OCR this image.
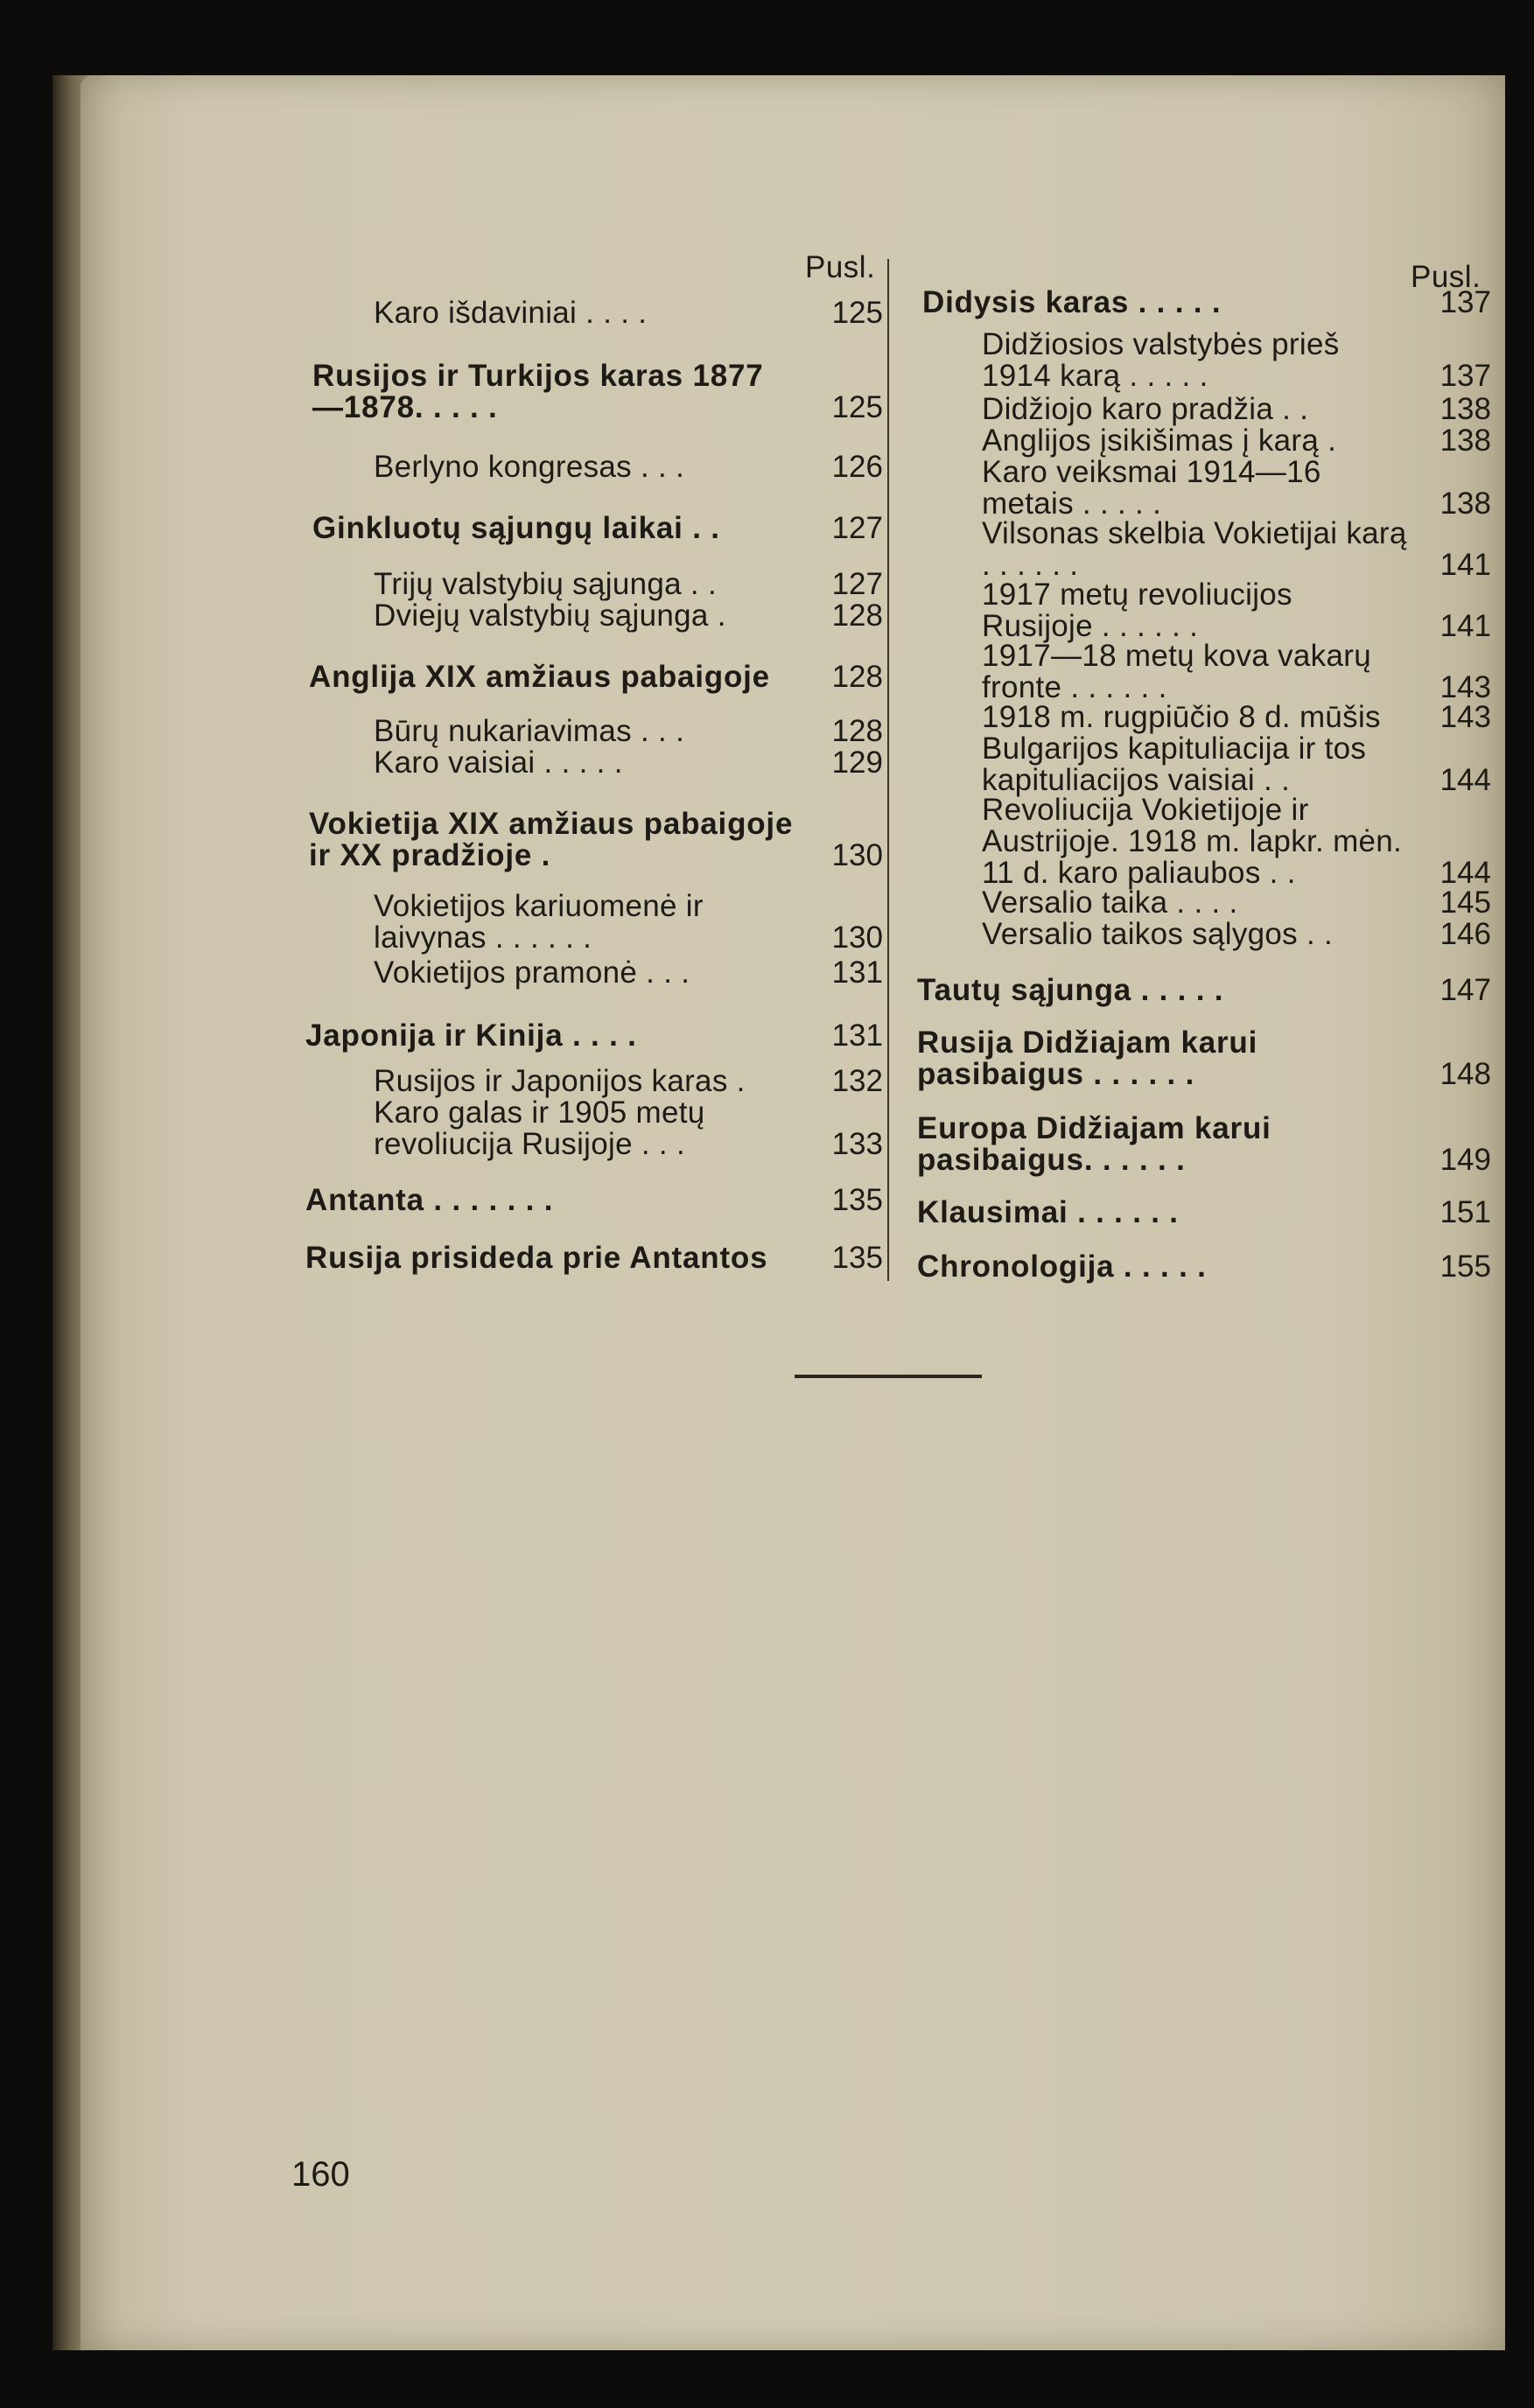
Pusl.	Pusl.
Karo išdaviniai . . . .	125
Rusijos ir Turkijos karas 1877—1878. . . . .	125
Berlyno kongresas . . .	126
Ginkluotų sąjungų laikai . .	127
Trijų valstybių sąjunga . .	127
Dviejų valstybių sąjunga .	128
Anglija XIX amžiaus pabaigoje	128
Būrų nukariavimas . . .	128
Karo vaisiai . . . . .	129
Vokietija XIX amžiaus pabaigoje ir XX pradžioje .	130
Vokietijos kariuomenė ir laivynas . . . . . .	130
Vokietijos pramonė . . .	131
Japonija ir Kinija . . . .	131
Rusijos ir Japonijos karas .	132
Karo galas ir 1905 metų revoliucija Rusijoje . . .	133
Antanta . . . . . . .	135
Rusija prisideda prie Antantos	135
Didysis karas . . . . .	137
Didžiosios valstybės prieš 1914 karą . . . . .	137
Didžiojo karo pradžia . .	138
Anglijos įsikišimas į karą .	138
Karo veiksmai 1914—16 metais . . . . .	138
Vilsonas skelbia Vokietijai karą . . . . . .	141
1917 metų revoliucijos Rusijoje . . . . . .	141
1917—18 metų kova vakarų fronte . . . . . .	143
1918 m. rugpiūčio 8 d. mūšis	143
Bulgarijos kapituliacija ir tos kapituliacijos vaisiai . .	144
Revoliucija Vokietijoje ir Austrijoje. 1918 m. lapkr. mėn. 11 d. karo paliaubos . .	144
Versalio taika . . . .	145
Versalio taikos sąlygos . .	146
Tautų sąjunga . . . . .	147
Rusija Didžiajam karui pasibaigus . . . . . .	148
Europa Didžiajam karui pasibaigus. . . . . .	149
Klausimai . . . . . .	151
Chronologija . . . . .	155
160
